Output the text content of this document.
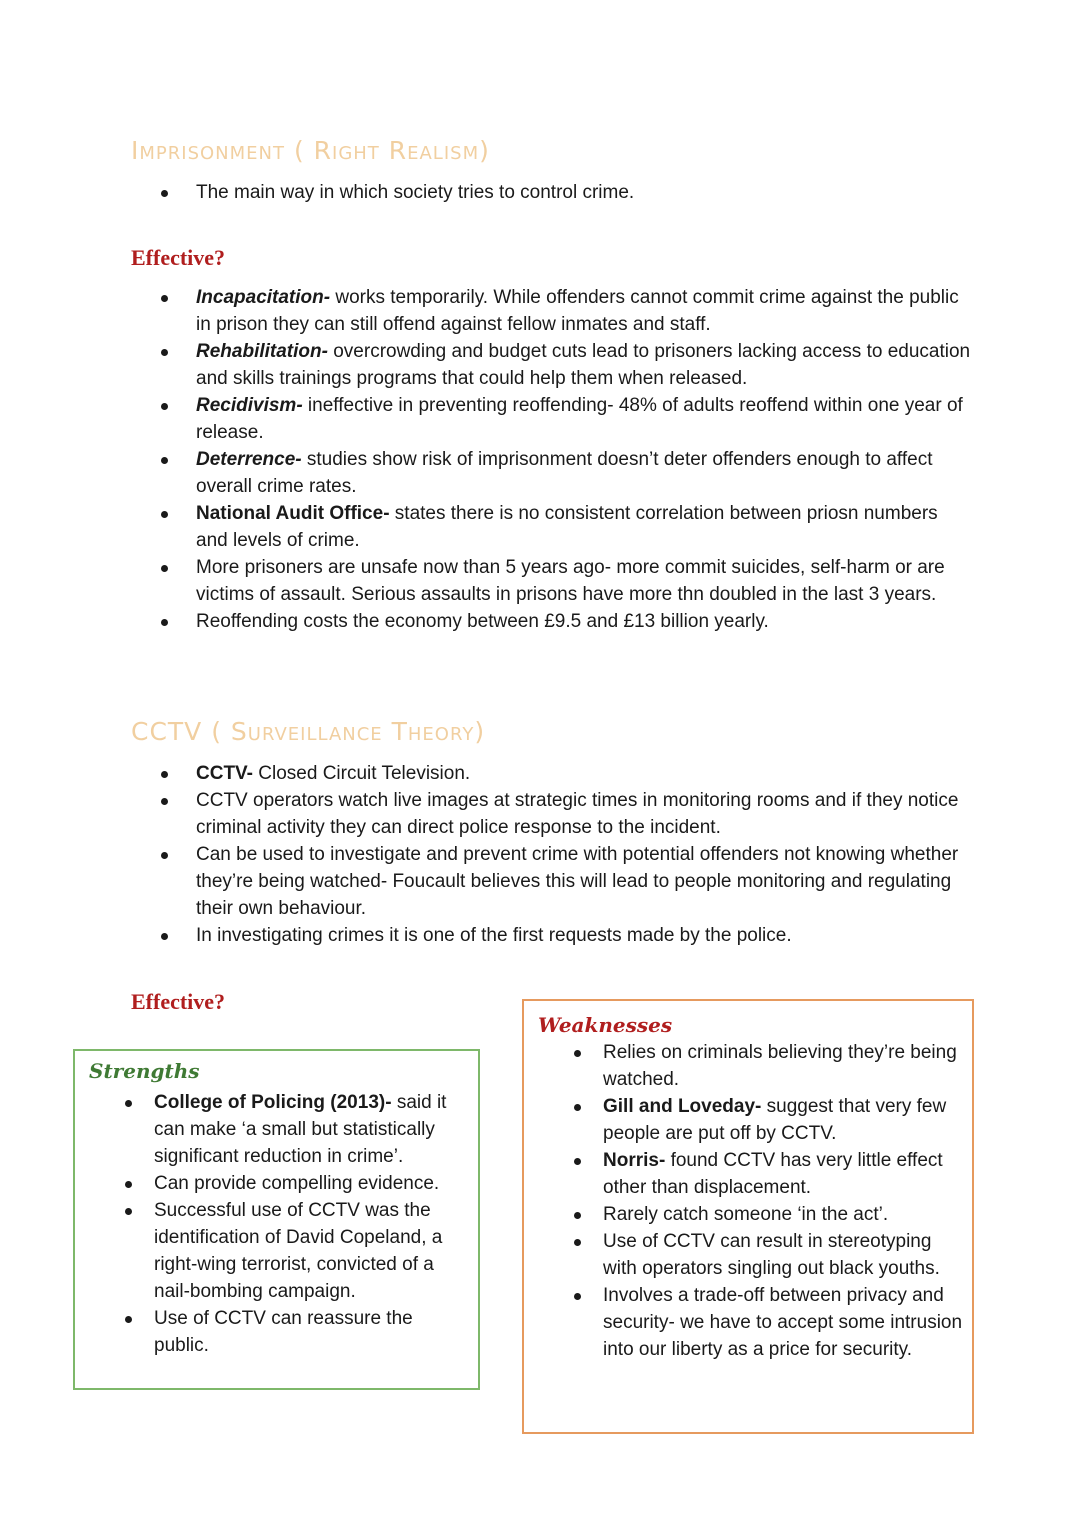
Imprisonment ( Right Realism)
The main way in which society tries to control crime.
Effective?
Incapacitation- works temporarily. While offenders cannot commit crime against the public in prison they can still offend against fellow inmates and staff.
Rehabilitation- overcrowding and budget cuts lead to prisoners lacking access to education and skills trainings programs that could help them when released.
Recidivism- ineffective in preventing reoffending- 48% of adults reoffend within one year of release.
Deterrence- studies show risk of imprisonment doesn’t deter offenders enough to affect overall crime rates.
National Audit Office- states there is no consistent correlation between priosn numbers and levels of crime.
More prisoners are unsafe now than 5 years ago- more commit suicides, self-harm or are victims of assault. Serious assaults in prisons have more thn doubled in the last 3 years.
Reoffending costs the economy between £9.5 and £13 billion yearly.
CCTV ( Surveillance Theory)
CCTV- Closed Circuit Television.
CCTV operators watch live images at strategic times in monitoring rooms and if they notice criminal activity they can direct police response to the incident.
Can be used to investigate and prevent crime with potential offenders not knowing whether they’re being watched- Foucault believes this will lead to people monitoring and regulating their own behaviour.
In investigating crimes it is one of the first requests made by the police.
Effective?
Strengths
College of Policing (2013)- said it can make ‘a small but statistically significant reduction in crime’.
Can provide compelling evidence.
Successful use of CCTV was the identification of David Copeland, a right-wing terrorist, convicted of a nail-bombing campaign.
Use of CCTV can reassure the public.
Weaknesses
Relies on criminals believing they’re being watched.
Gill and Loveday- suggest that very few people are put off by CCTV.
Norris- found CCTV has very little effect other than displacement.
Rarely catch someone ‘in the act’.
Use of CCTV can result in stereotyping with operators singling out black youths.
Involves a trade-off between privacy and security- we have to accept some intrusion into our liberty as a price for security.
